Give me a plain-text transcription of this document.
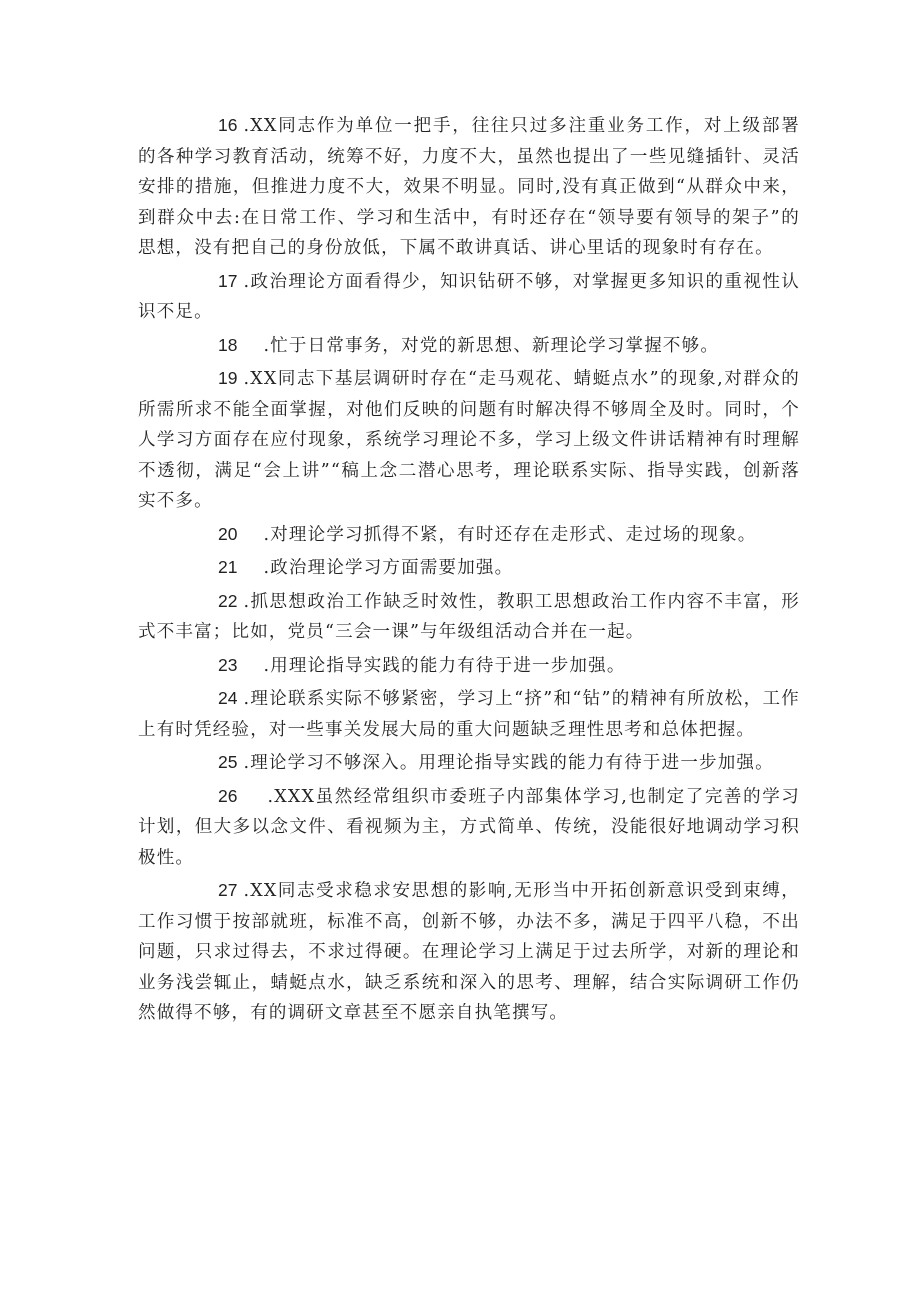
16 .XX同志作为单位一把手，往往只过多注重业务工作，对上级部署的各种学习教育活动，统筹不好，力度不大，虽然也提出了一些见缝插针、灵活安排的措施，但推进力度不大，效果不明显。同时,没有真正做到“从群众中来，到群众中去:在日常工作、学习和生活中，有时还存在“领导要有领导的架子”的思想，没有把自己的身份放低，下属不敢讲真话、讲心里话的现象时有存在。

17 .政治理论方面看得少，知识钻研不够，对掌握更多知识的重视性认识不足。

18 .忙于日常事务，对党的新思想、新理论学习掌握不够。

19 .XX同志下基层调研时存在“走马观花、蜻蜓点水”的现象,对群众的所需所求不能全面掌握，对他们反映的问题有时解决得不够周全及时。同时，个人学习方面存在应付现象，系统学习理论不多，学习上级文件讲话精神有时理解不透彻，满足“会上讲”“稿上念二潜心思考，理论联系实际、指导实践，创新落实不多。

20 .对理论学习抓得不紧，有时还存在走形式、走过场的现象。

21 .政治理论学习方面需要加强。

22 .抓思想政治工作缺乏时效性，教职工思想政治工作内容不丰富，形式不丰富；比如，党员“三会一课”与年级组活动合并在一起。

23 .用理论指导实践的能力有待于进一步加强。

24 .理论联系实际不够紧密，学习上“挤”和“钻”的精神有所放松，工作上有时凭经验，对一些事关发展大局的重大问题缺乏理性思考和总体把握。

25 .理论学习不够深入。用理论指导实践的能力有待于进一步加强。

26 .XXX虽然经常组织市委班子内部集体学习,也制定了完善的学习计划，但大多以念文件、看视频为主，方式简单、传统，没能很好地调动学习积极性。

27 .XX同志受求稳求安思想的影响,无形当中开拓创新意识受到束缚，工作习惯于按部就班，标准不高，创新不够，办法不多，满足于四平八稳，不出问题，只求过得去，不求过得硬。在理论学习上满足于过去所学，对新的理论和业务浅尝辄止，蜻蜓点水，缺乏系统和深入的思考、理解，结合实际调研工作仍然做得不够，有的调研文章甚至不愿亲自执笔撰写。
